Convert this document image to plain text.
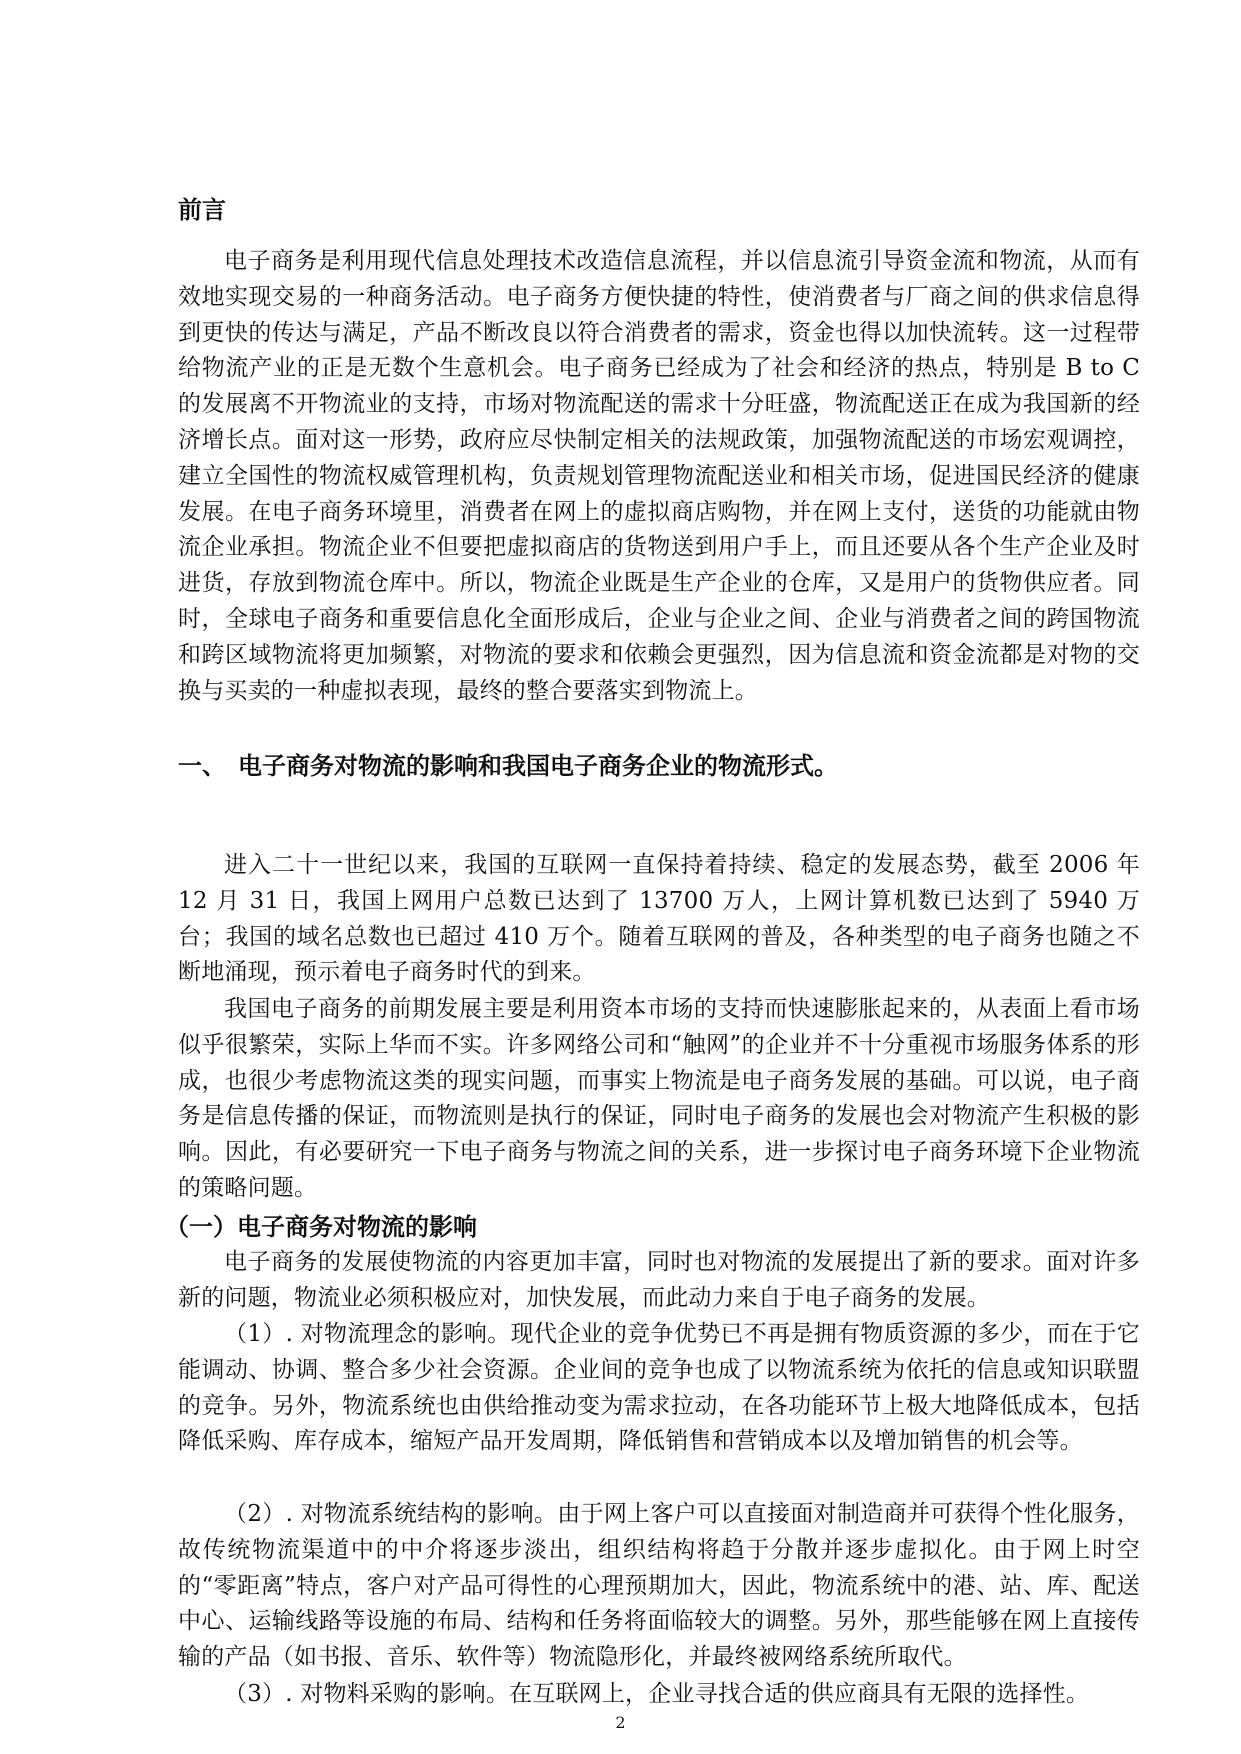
前言

电子商务是利用现代信息处理技术改造信息流程，并以信息流引导资金流和物流，从而有效地实现交易的一种商务活动。电子商务方便快捷的特性，使消费者与厂商之间的供求信息得到更快的传达与满足，产品不断改良以符合消费者的需求，资金也得以加快流转。这一过程带给物流产业的正是无数个生意机会。电子商务已经成为了社会和经济的热点，特别是 B to C 的发展离不开物流业的支持，市场对物流配送的需求十分旺盛，物流配送正在成为我国新的经济增长点。面对这一形势，政府应尽快制定相关的法规政策，加强物流配送的市场宏观调控，建立全国性的物流权威管理机构，负责规划管理物流配送业和相关市场，促进国民经济的健康发展。在电子商务环境里，消费者在网上的虚拟商店购物，并在网上支付，送货的功能就由物流企业承担。物流企业不但要把虚拟商店的货物送到用户手上，而且还要从各个生产企业及时进货，存放到物流仓库中。所以，物流企业既是生产企业的仓库，又是用户的货物供应者。同时，全球电子商务和重要信息化全面形成后，企业与企业之间、企业与消费者之间的跨国物流和跨区域物流将更加频繁，对物流的要求和依赖会更强烈，因为信息流和资金流都是对物的交换与买卖的一种虚拟表现，最终的整合要落实到物流上。

一、 电子商务对物流的影响和我国电子商务企业的物流形式。

进入二十一世纪以来，我国的互联网一直保持着持续、稳定的发展态势，截至 2006 年 12 月 31 日，我国上网用户总数已达到了 13700 万人，上网计算机数已达到了 5940 万台；我国的域名总数也已超过 410 万个。随着互联网的普及，各种类型的电子商务也随之不断地涌现，预示着电子商务时代的到来。

我国电子商务的前期发展主要是利用资本市场的支持而快速膨胀起来的，从表面上看市场似乎很繁荣，实际上华而不实。许多网络公司和“触网”的企业并不十分重视市场服务体系的形成，也很少考虑物流这类的现实问题，而事实上物流是电子商务发展的基础。可以说，电子商务是信息传播的保证，而物流则是执行的保证，同时电子商务的发展也会对物流产生积极的影响。因此，有必要研究一下电子商务与物流之间的关系，进一步探讨电子商务环境下企业物流的策略问题。

（一）电子商务对物流的影响

电子商务的发展使物流的内容更加丰富，同时也对物流的发展提出了新的要求。面对许多新的问题，物流业必须积极应对，加快发展，而此动力来自于电子商务的发展。

（1）. 对物流理念的影响。现代企业的竞争优势已不再是拥有物质资源的多少，而在于它能调动、协调、整合多少社会资源。企业间的竞争也成了以物流系统为依托的信息或知识联盟的竞争。另外，物流系统也由供给推动变为需求拉动，在各功能环节上极大地降低成本，包括降低采购、库存成本，缩短产品开发周期，降低销售和营销成本以及增加销售的机会等。

（2）. 对物流系统结构的影响。由于网上客户可以直接面对制造商并可获得个性化服务，故传统物流渠道中的中介将逐步淡出，组织结构将趋于分散并逐步虚拟化。由于网上时空的“零距离”特点，客户对产品可得性的心理预期加大，因此，物流系统中的港、站、库、配送中心、运输线路等设施的布局、结构和任务将面临较大的调整。另外，那些能够在网上直接传输的产品（如书报、音乐、软件等）物流隐形化，并最终被网络系统所取代。

（3）. 对物料采购的影响。在互联网上，企业寻找合适的供应商具有无限的选择性。

2
